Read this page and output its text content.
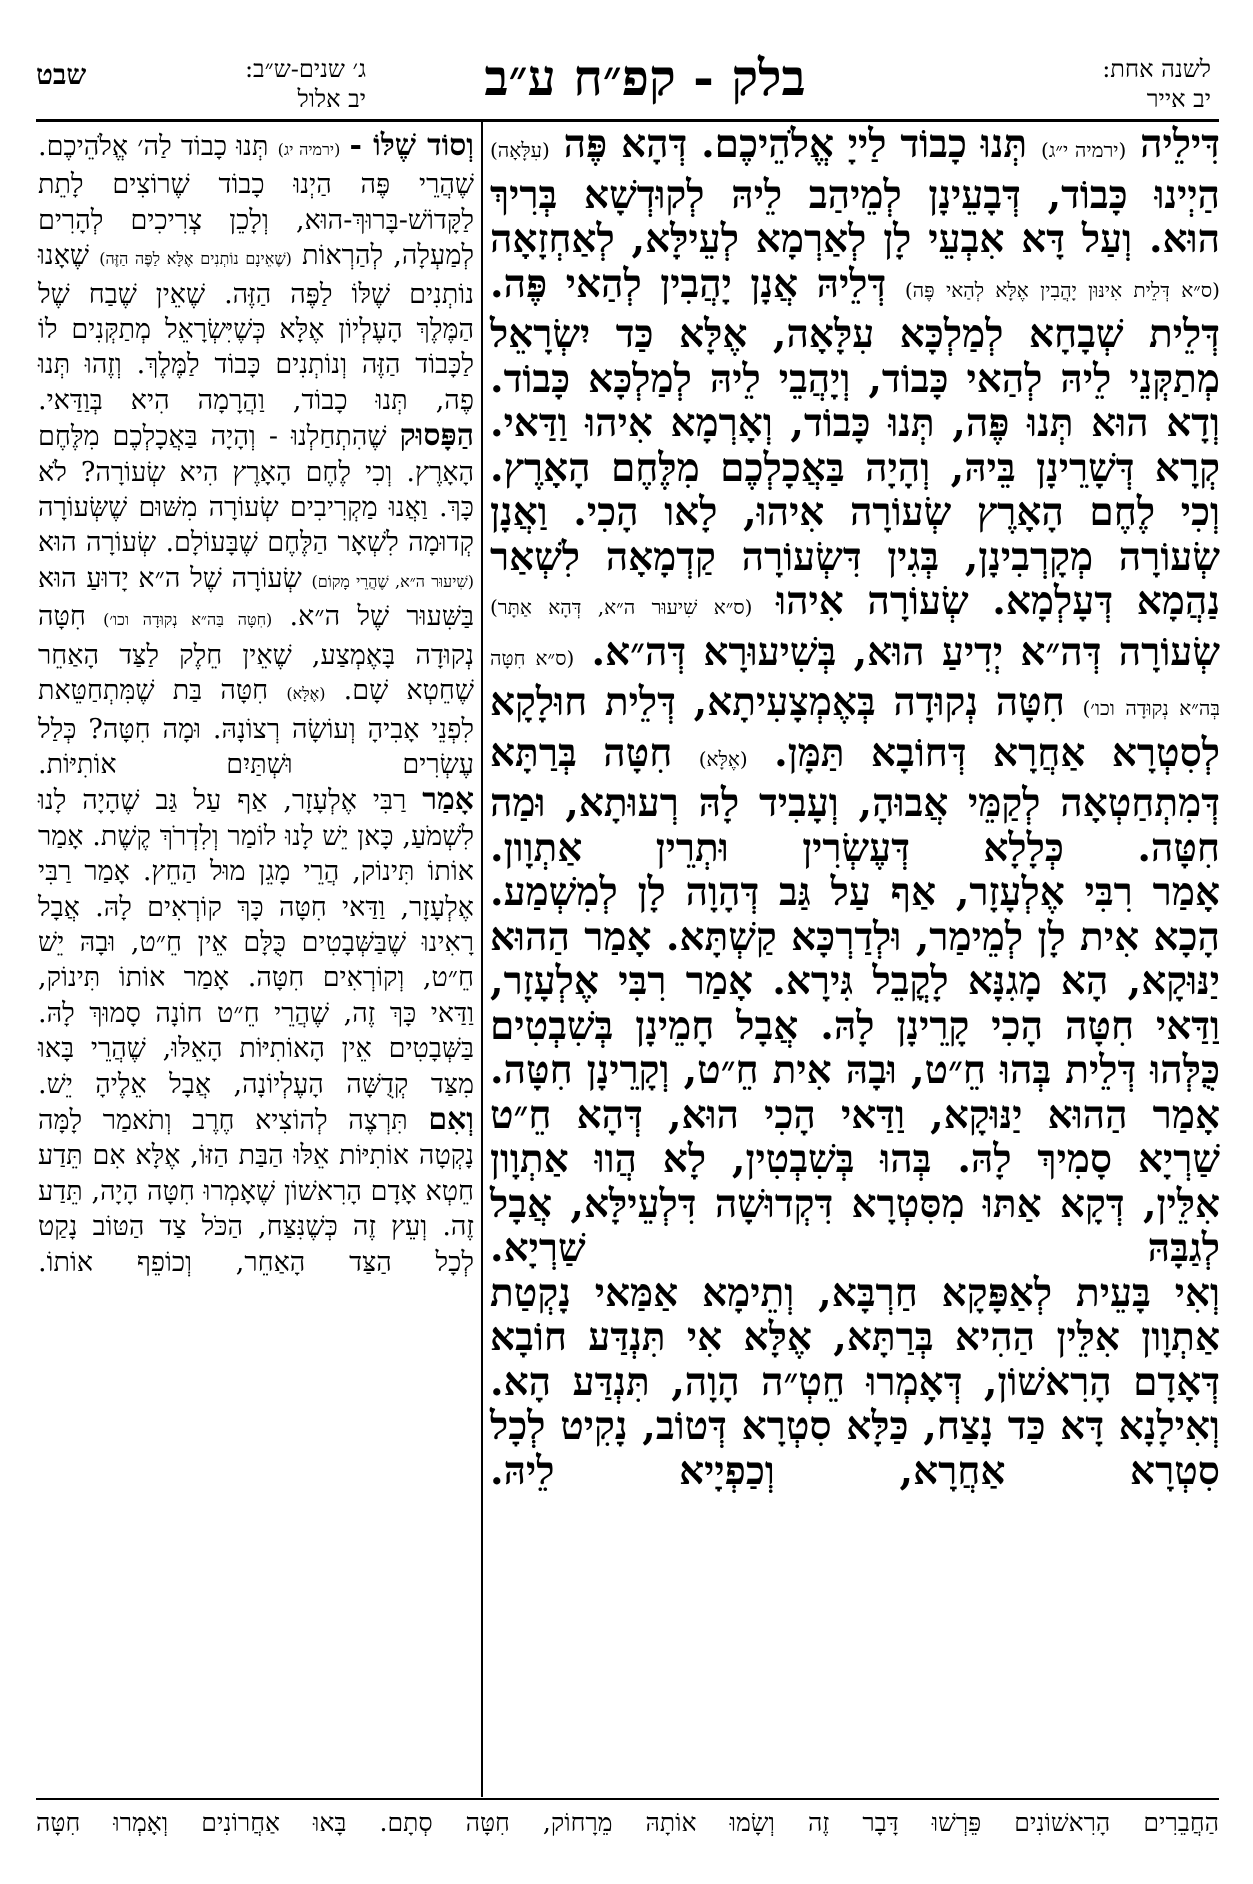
לשנה אחת:
יב אייר
בלק - קפ״ח ע״ב
ג׳ שנים-ש״ב:
יב אלול
שבט

דִּילֵיה (ירמיה י״ג) תְּנוּ כָבוֹד לַייָ אֱלֹהֵיכֶם. דְּהָא פֶּה (עִלָּאָה) הַיְינוּ כָּבוֹד, דְּבָעֵינָן לְמֵיהַב לֵיהּ לְקוּדְשָׁא בְּרִיךְ הוּא. וְעַל דָּא אִבְעֵי לָן לְאַרְמָא לְעֵילָּא, לְאַחְזָאָה (ס״א דְּלֵית אִינּוּן יָהֲבִין אֶלָּא לְהַאי פֶּה) דְּלֵיהּ אֲנָן יָהֲבִין לְהַאי פֶּה. דְּלֵית שְׁבָחָא לְמַלְכָּא עִלָּאָה, אֶלָּא כַּד יִשְׂרָאֵל מְתַקְּנֵי לֵיהּ לְהַאי כָּבוֹד, וְיָהֲבֵי לֵיהּ לְמַלְכָּא כָּבוֹד. וְדָא הוּא תְּנוּ פֶּה, תְּנוּ כָּבוֹד, וְאָרְמָא אִיהוּ וַדַּאי.

קְרָא דְּשָׁרֵינָן בֵּיהּ, וְהָיָה בַּאֲכָלְכֶם מִלֶּחֶם הָאָרֶץ. וְכִי לֶחֶם הָאָרֶץ שְׂעוֹרָה אִיהוּ, לָאו הָכִי. וַאֲנָן שְׂעוֹרָה מְקָרְבִינָן, בְּגִין דִּשְׂעוֹרָה קַדְמָאָה לִשְׁאַר נַהֲמָא דְּעָלְמָא. שְׂעוֹרָה אִיהוּ (ס״א שִׁיעוּר ה״א, דְּהָא אַתָּר) שְׂעוֹרָה דְּה״א יְדִיעַ הוּא, בְּשִׁיעוּרָא דְּה״א. (ס״א חִטָּה בְּה״א נְקוּדָה וכו׳) חִטָּה נְקוּדָה בְּאֶמְצָעִיתָא, דְּלֵית חוּלָקָא לְסִטְרָא אַחֲרָא דְּחוֹבָא תַּמָּן. (אֶלָּא) חִטָּה בְּרַתָּא דְּמִתְחַטְאָה לְקַמֵּי אֲבוּהָ, וְעָבִיד לָהּ רְעוּתָא, וּמַה חִטָּה. כְּלָלָא דְּעֶשְׂרִין וּתְרֵין אַתְוָון.

אָמַר רִבִּי אֶלְעָזָר, אַף עַל גַּב דְּהָוָה לָן לְמִשְׁמַע. הָכָא אִית לָן לְמֵימַר, וּלְדַרְכָּא קַשְׁתָּא. אָמַר הַהוּא יַנּוּקָא, הָא מָגִנָּא לָקֳבֵל גִּירָא. אָמַר רִבִּי אֶלְעָזָר, וַדַּאי חִטָּה הָכִי קָרֵינָן לָהּ. אֲבָל חָמֵינָן בְּשִׁבְטִים כֻּלְּהוּ דְּלֵית בְּהוּ חֵ״ט, וּבָהּ אִית חֵ״ט, וְקָרֵינָן חִטָּה. אָמַר הַהוּא יַנּוּקָא, וַדַּאי הָכִי הוּא, דְּהָא חֵ״ט שַׁרְיָא סָמִיךְ לָהּ. בְּהוּ בְּשִׁבְטִין, לָא הֲווּ אַתְוָון אִלֵּין, דְּקָא אַתּוּ מִסִּטְרָא דִּקְדוּשָׁה דִּלְעֵילָּא, אֲבָל לְגַבָּהּ שַׁרְיָא.

וְאִי בָּעֵית לְאַפָּקָא חַרְבָּא, וְתֵימָא אַמַּאי נָקְטַת אַתְוָון אִלֵּין הַהִיא בְּרַתָּא, אֶלָּא אִי תִּנְדַּע חוֹבָא דְּאָדָם הָרִאשׁוֹן, דְּאָמְרוּ חֵטְ״ה הָוָה, תִּנְדַּע הָא. וְאִילָנָא דָּא כַּד נָצַח, כַּלָּא סִטְרָא דְּטוֹב, נָקִיט לְכָל סִטְרָא אַחֲרָא, וְכַפְיָיא לֵיהּ.

וְסוֹד שֶׁלּוֹ - (ירמיה יג) תְּנוּ כָבוֹד לַה׳ אֱלֹהֵיכֶם. שֶׁהֲרֵי פֶּה הַיְנוּ כָבוֹד שֶׁרוֹצִים לָתֵת לַקָּדוֹשׁ-בָּרוּךְ-הוּא, וְלָכֵן צְרִיכִים לְהָרִים לְמַעְלָה, לְהַרְאוֹת (שֶׁאֵינָם נוֹתְנִים אֶלָּא לַפֶּה הַזֶּה) שֶׁאָנוּ נוֹתְנִים שֶׁלּוֹ לַפֶּה הַזֶּה. שֶׁאֵין שֶׁבַח שֶׁל הַמֶּלֶךְ הָעֶלְיוֹן אֶלָּא כְּשֶׁיִּשְׂרָאֵל מְתַקְּנִים לוֹ לַכָּבוֹד הַזֶּה וְנוֹתְנִים כָּבוֹד לַמֶּלֶךְ. וְזֶהוּ תְּנוּ פֶה, תְּנוּ כָבוֹד, וַהֲרָמָה הִיא בְּוַדַּאי.

הַפָּסוּק שֶׁהִתְחַלְנוּ - וְהָיָה בַּאֲכָלְכֶם מִלֶּחֶם הָאָרֶץ. וְכִי לֶחֶם הָאָרֶץ הִיא שְׂעוֹרָה? לֹא כָּךְ. וַאֲנוּ מַקְרִיבִים שְׂעוֹרָה מִשּׁוּם שֶׁשְּׂעוֹרָה קְדוּמָה לִשְׁאָר הַלֶּחֶם שֶׁבָּעוֹלָם. שְׂעוֹרָה הוּא (שִׁיעוּר ה״א, שֶׁהֲרֵי מָקוֹם) שְׂעוֹרָה שֶׁל ה״א יָדוּעַ הוּא בַּשִּׁעוּר שֶׁל ה״א. (חִטָּה בַּה״א נְקוּדָה וכו׳) חִטָּה נְקוּדָה בָּאֶמְצַע, שֶׁאֵין חֵלֶק לַצַּד הָאַחֵר שֶׁחֵטְא שָׁם. (אֶלָּא) חִטָּה בַּת שֶׁמִּתְחַטֵּאת לִפְנֵי אָבִיהָ וְעוֹשָׂה רְצוֹנָהּ. וּמָה חִטָּה? כְּלַל עֶשְׂרִים וּשְׁתַּיִם אוֹתִיּוֹת.

אָמַר רַבִּי אֶלְעָזָר, אַף עַל גַּב שֶׁהָיָה לָנוּ לִשְׁמֹעַ, כָּאן יֵשׁ לָנוּ לוֹמַר וְלִדְרֹךְ קֶשֶׁת. אָמַר אוֹתוֹ תִּינוֹק, הֲרֵי מָגֵן מוּל הַחֵץ. אָמַר רַבִּי אֶלְעָזָר, וַדַּאי חִטָּה כָּךְ קוֹרְאִים לָהּ. אֲבָל רָאִינוּ שֶׁבַּשְּׁבָטִים כֻּלָּם אֵין חֵ״ט, וּבָהּ יֵשׁ חֵ״ט, וְקוֹרְאִים חִטָּה. אָמַר אוֹתוֹ תִּינוֹק, וַדַּאי כָּךְ זֶה, שֶׁהֲרֵי חֵ״ט חוֹנָה סָמוּךְ לָהּ. בַּשְּׁבָטִים אֵין הָאוֹתִיּוֹת הָאֵלּוּ, שֶׁהֲרֵי בָּאוּ מִצַּד קְדֻשָּׁה הָעֶלְיוֹנָה, אֲבָל אֵלֶיהָ יֵשׁ.

וְאִם תִּרְצֶה לְהוֹצִיא חֶרֶב וְתֹאמַר לָמָּה נָקְטָה אוֹתִיּוֹת אֵלּוּ הַבַּת הַזּוֹ, אֶלָּא אִם תֵּדַע חֵטְא אָדָם הָרִאשׁוֹן שֶׁאָמְרוּ חִטָּה הָיָה, תֵּדַע זֶה. וְעֵץ זֶה כְּשֶׁנִּצַּח, הַכֹּל צַד הַטּוֹב נָקַט לְכָל הַצַּד הָאַחֵר, וְכוֹפֵף אוֹתוֹ.

הַחֲבֵרִים הָרִאשׁוֹנִים פֵּרְשׁוּ דָּבָר זֶה וְשָׂמוּ אוֹתָהּ מֵרָחוֹק, חִטָּה סְתָם. בָּאוּ אַחֲרוֹנִים וְאָמְרוּ חִטָּה
